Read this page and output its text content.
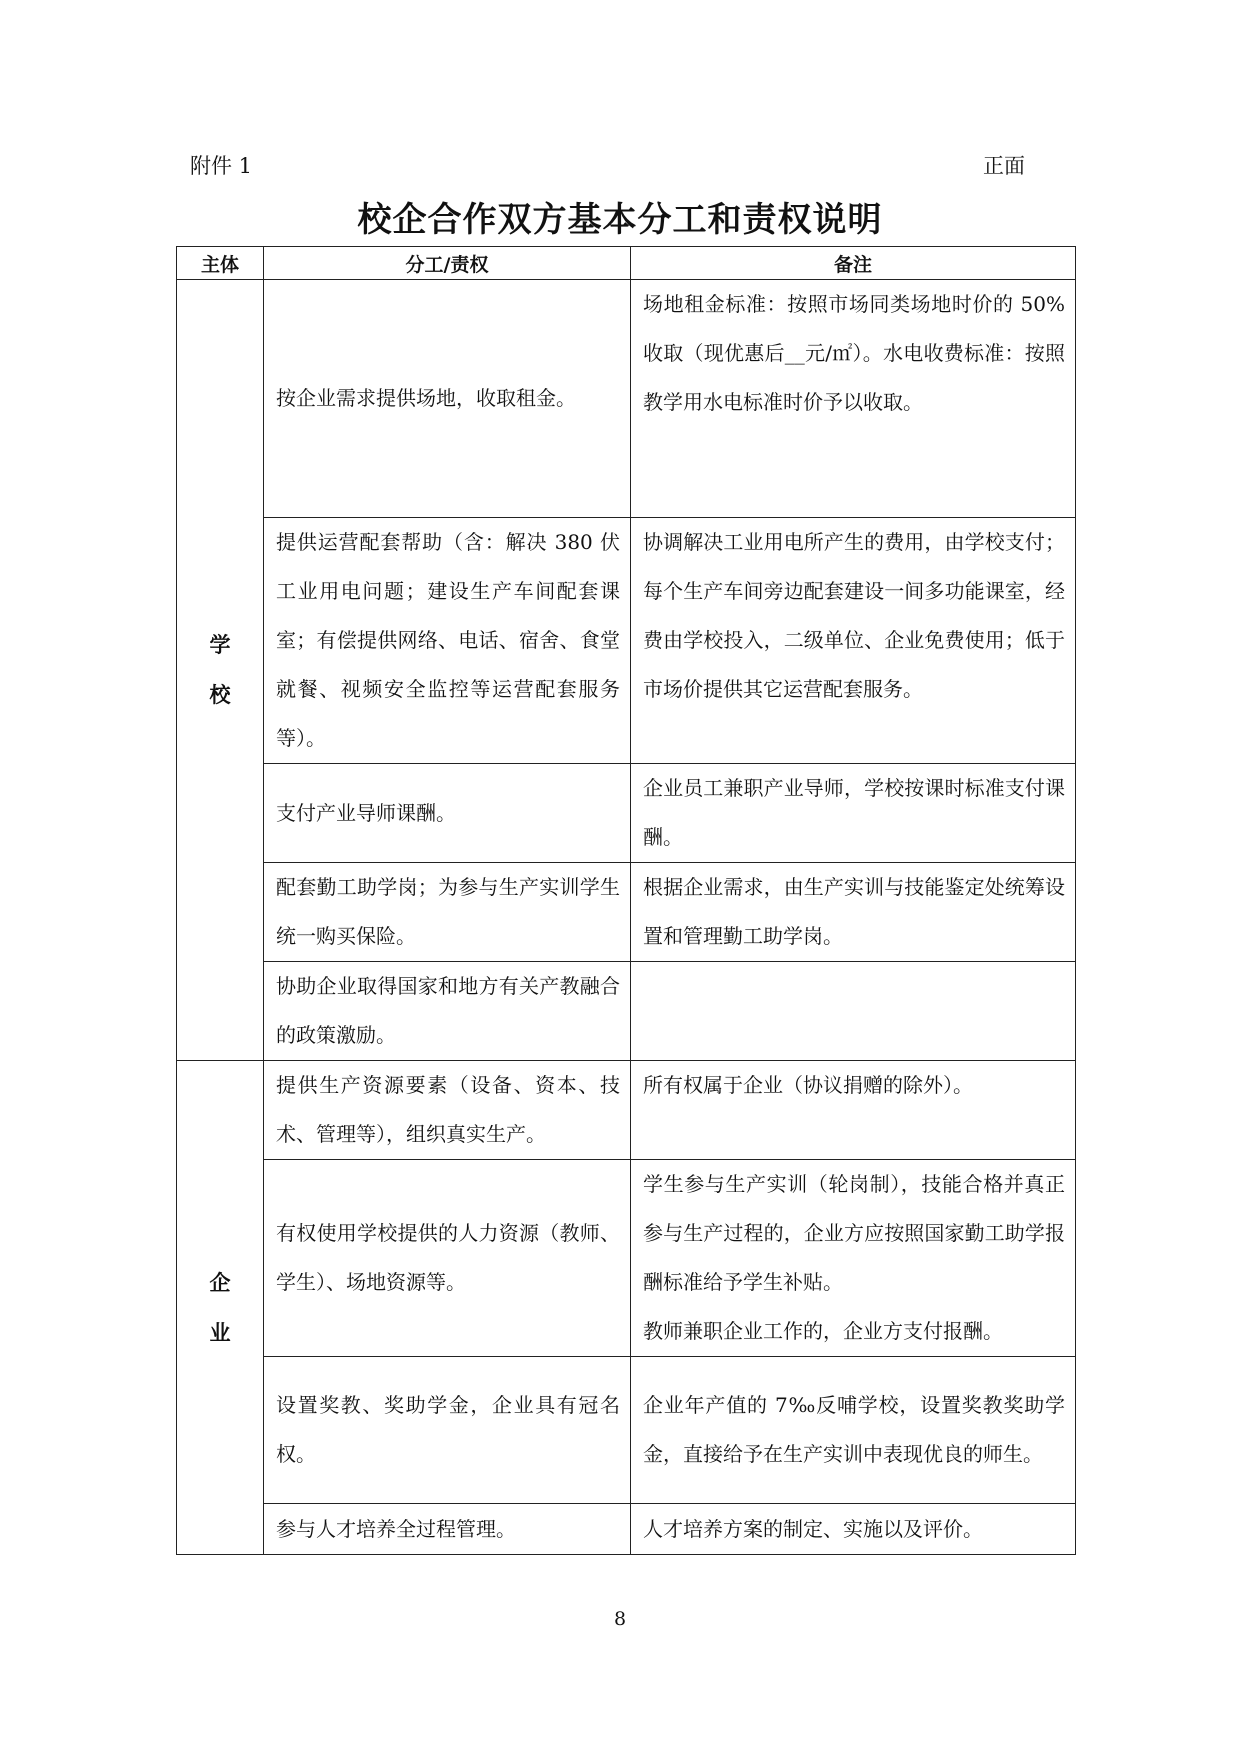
附件 1	正面
校企合作双方基本分工和责权说明
主体	分工/责权	备注

学
校	按企业需求提供场地，收取租金。	场地租金标准：按照市场同类场地时价的 50%收取（现优惠后__元/㎡）。水电收费标准：按照教学用水电标准时价予以收取。

	提供运营配套帮助（含：解决 380 伏工业用电问题；建设生产车间配套课室；有偿提供网络、电话、宿舍、食堂就餐、视频安全监控等运营配套服务等）。	协调解决工业用电所产生的费用，由学校支付；每个生产车间旁边配套建设一间多功能课室，经费由学校投入，二级单位、企业免费使用；低于市场价提供其它运营配套服务。

	支付产业导师课酬。	企业员工兼职产业导师，学校按课时标准支付课酬。

	配套勤工助学岗；为参与生产实训学生统一购买保险。	根据企业需求，由生产实训与技能鉴定处统筹设置和管理勤工助学岗。

	协助企业取得国家和地方有关产教融合的政策激励。	

企
业	提供生产资源要素（设备、资本、技术、管理等），组织真实生产。	所有权属于企业（协议捐赠的除外）。

	有权使用学校提供的人力资源（教师、学生）、场地资源等。	学生参与生产实训（轮岗制），技能合格并真正参与生产过程的，企业方应按照国家勤工助学报酬标准给予学生补贴。
教师兼职企业工作的，企业方支付报酬。

	设置奖教、奖助学金，企业具有冠名权。	企业年产值的 7‰反哺学校，设置奖教奖助学金，直接给予在生产实训中表现优良的师生。

	参与人才培养全过程管理。	人才培养方案的制定、实施以及评价。
8
